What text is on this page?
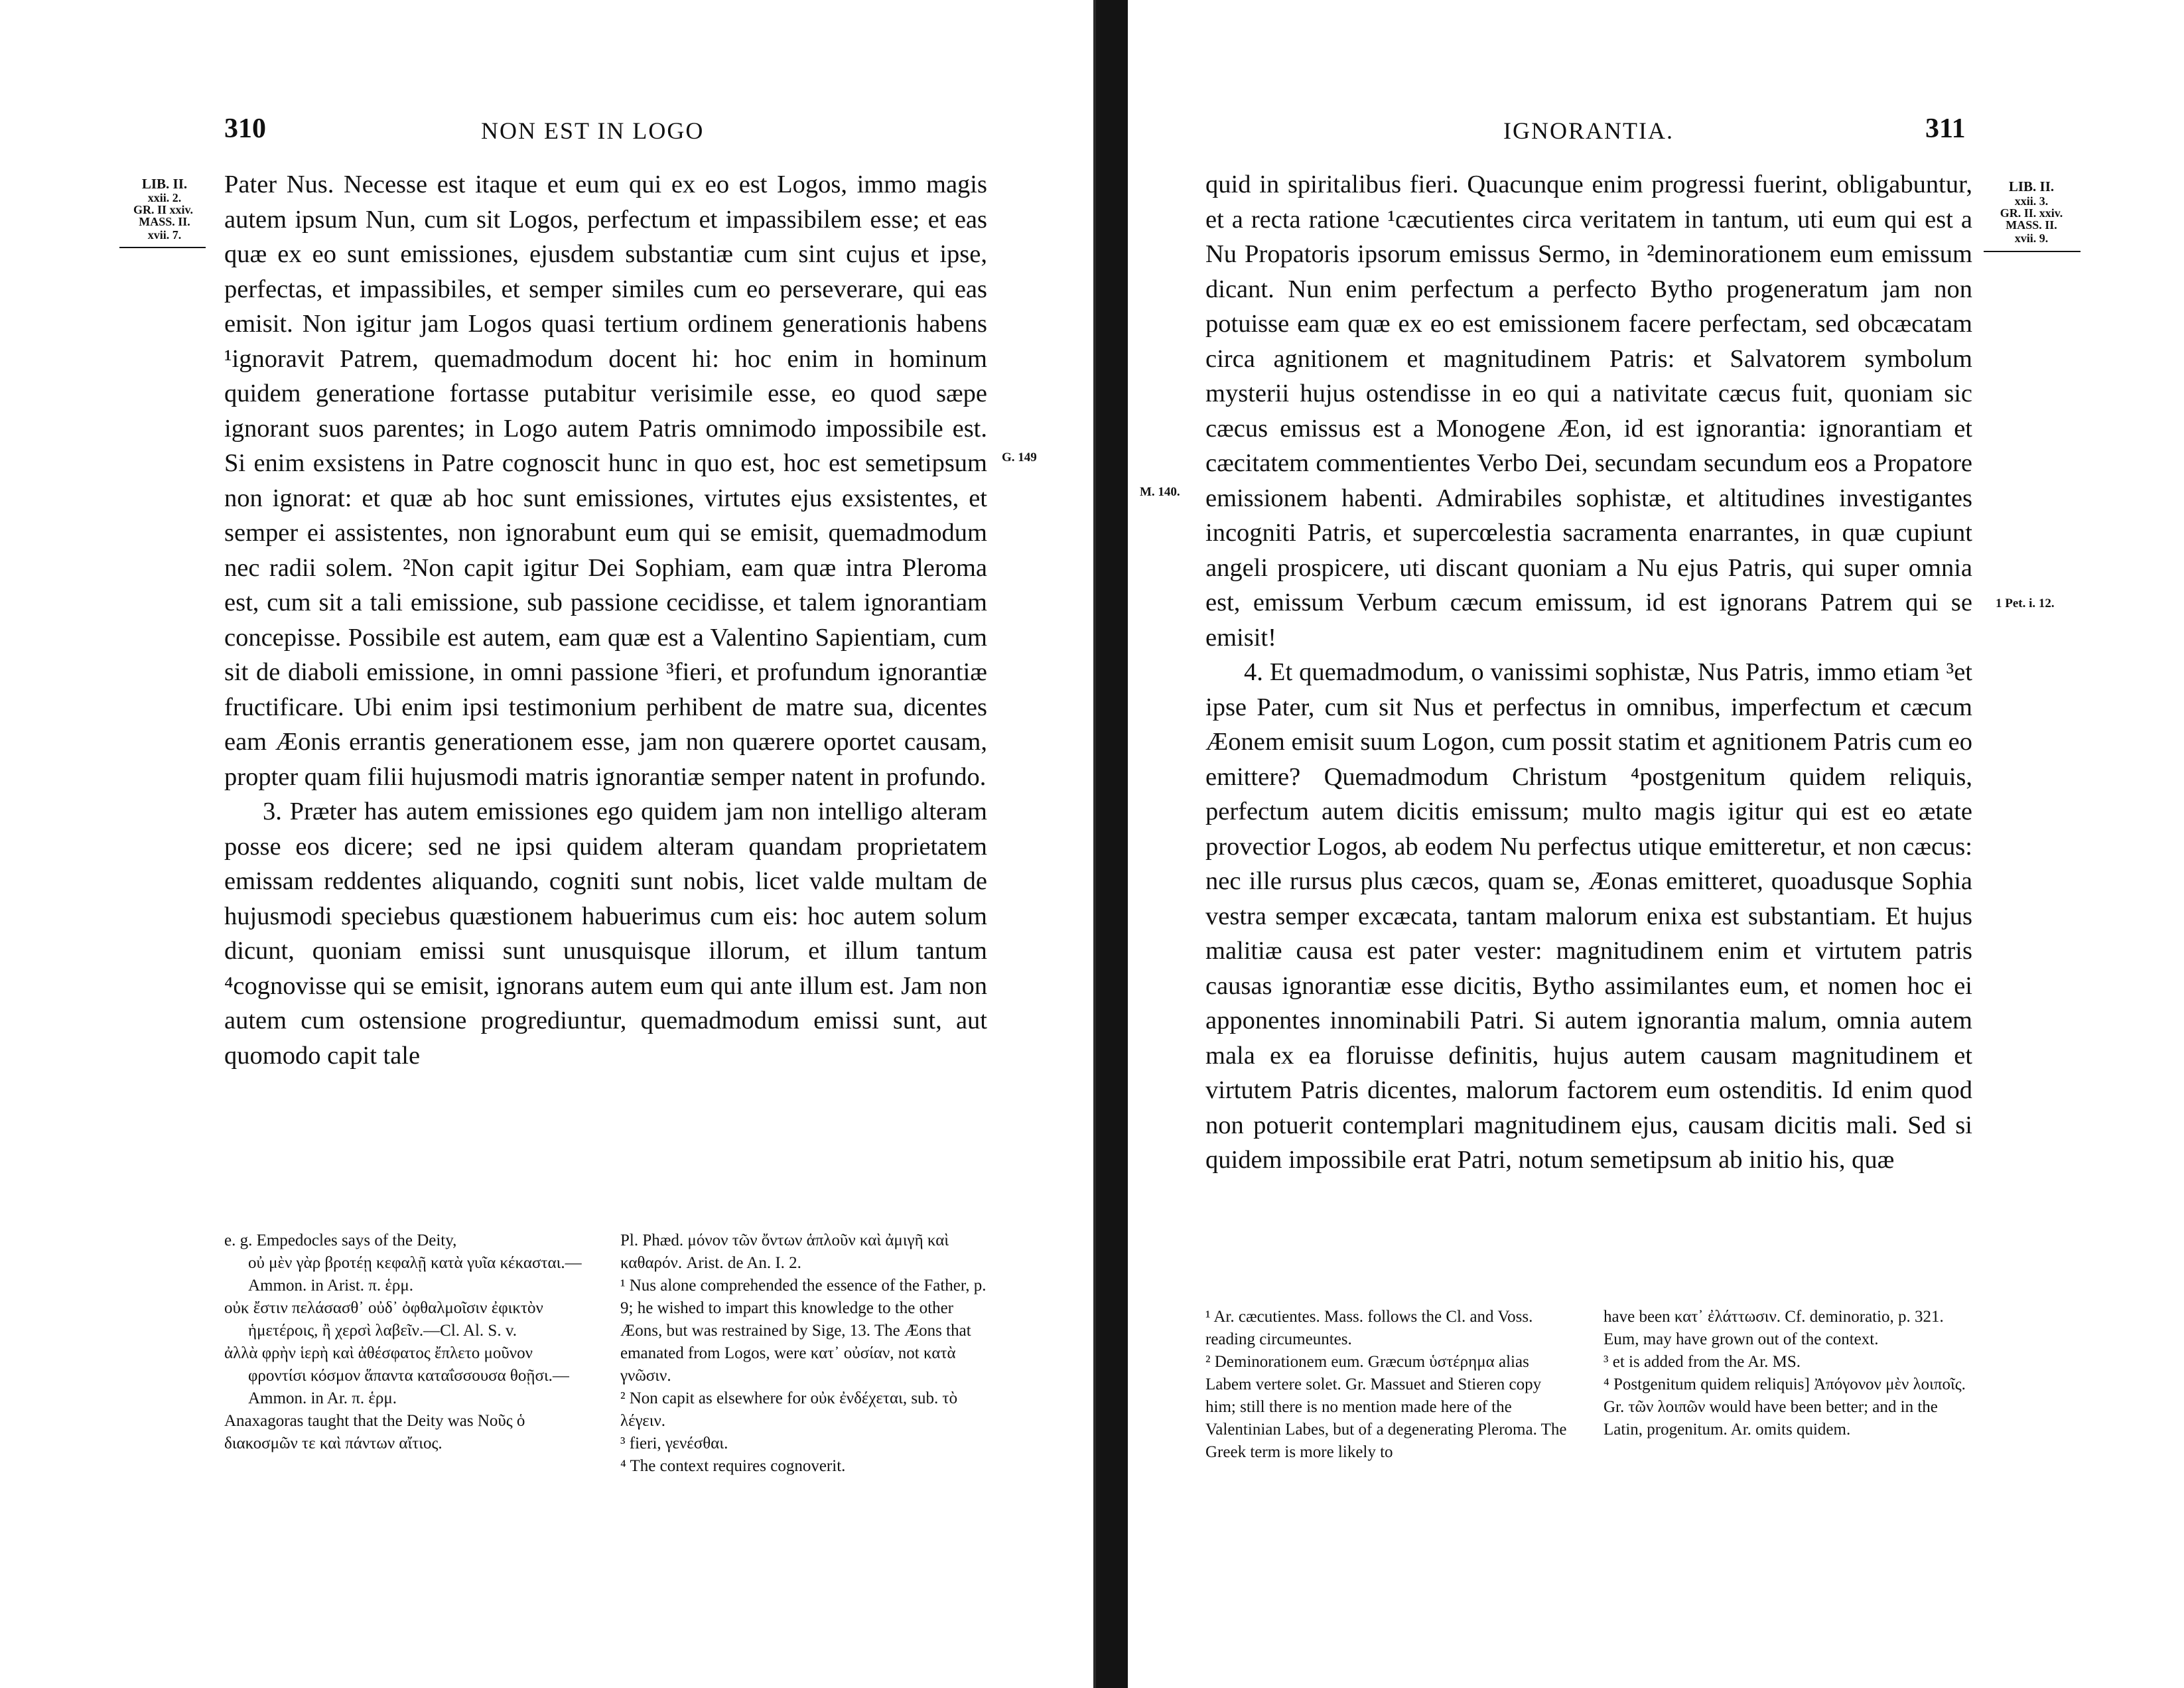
310	NON EST IN LOGO
LIB. II.
xxii. 2.
GR. II xxiv.
MASS. II.
xvii. 7.
G. 149

Pater Nus. Necesse est itaque et eum qui ex eo est Logos, immo magis autem ipsum Nun, cum sit Logos, perfectum et impassibilem esse; et eas quæ ex eo sunt emissiones, ejusdem substantiæ cum sint cujus et ipse, perfectas, et impassibiles, et semper similes cum eo perseverare, qui eas emisit. Non igitur jam Logos quasi tertium ordinem generationis habens ¹ignoravit Patrem, quemadmodum docent hi: hoc enim in hominum quidem generatione fortasse putabitur verisimile esse, eo quod sæpe ignorant suos parentes; in Logo autem Patris omnimodo impossibile est. Si enim exsistens in Patre cognoscit hunc in quo est, hoc est semetipsum non ignorat: et quæ ab hoc sunt emissiones, virtutes ejus exsistentes, et semper ei assistentes, non ignorabunt eum qui se emisit, quemadmodum nec radii solem. ²Non capit igitur Dei Sophiam, eam quæ intra Pleroma est, cum sit a tali emissione, sub passione cecidisse, et talem ignorantiam concepisse. Possibile est autem, eam quæ est a Valentino Sapientiam, cum sit de diaboli emissione, in omni passione ³fieri, et profundum ignorantiæ fructificare. Ubi enim ipsi testimonium perhibent de matre sua, dicentes eam Æonis errantis generationem esse, jam non quærere oportet causam, propter quam filii hujusmodi matris ignorantiæ semper natent in profundo.

3. Præter has autem emissiones ego quidem jam non intelligo alteram posse eos dicere; sed ne ipsi quidem alteram quandam proprietatem emissam reddentes aliquando, cogniti sunt nobis, licet valde multam de hujusmodi speciebus quæstionem habuerimus cum eis: hoc autem solum dicunt, quoniam emissi sunt unusquisque illorum, et illum tantum ⁴cognovisse qui se emisit, ignorans autem eum qui ante illum est. Jam non autem cum ostensione progrediuntur, quemadmodum emissi sunt, aut quomodo capit tale

e. g. Empedocles says of the Deity,

οὐ μὲν γὰρ βροτέῃ κεφαλῇ κατὰ γυῖα κέκασται.—Ammon. in Arist. π. ἑρμ.

οὐκ ἔστιν πελάσασθ᾽ οὐδ᾽ ὀφθαλμοῖσιν ἐφικτὸν

ἡμετέροις, ἢ χερσὶ λαβεῖν.—Cl. Al. S. v.

ἀλλὰ φρὴν ἱερὴ καὶ ἀθέσφατος ἔπλετο μοῦνον

φροντίσι κόσμον ἅπαντα καταΐσσουσα θοῇσι.—Ammon. in Ar. π. ἑρμ.

Anaxagoras taught that the Deity was Νοῦς ὁ διακοσμῶν τε καὶ πάντων αἴτιος.

Pl. Phæd. μόνον τῶν ὄντων ἁπλοῦν καὶ ἀμιγῆ καὶ καθαρόν. Arist. de An. I. 2.

¹ Nus alone comprehended the essence of the Father, p. 9; he wished to impart this knowledge to the other Æons, but was restrained by Sige, 13. The Æons that emanated from Logos, were κατ᾽ οὐσίαν, not κατὰ γνῶσιν.

² Non capit as elsewhere for οὐκ ἐνδέχεται, sub. τὸ λέγειν.

³ fieri, γενέσθαι.

⁴ The context requires cognoverit.

IGNORANTIA.	311
LIB. II.
xxii. 3.
GR. II. xxiv.
MASS. II.
xvii. 9.
M. 140.
1 Pet. i. 12.

quid in spiritalibus fieri. Quacunque enim progressi fuerint, obligabuntur, et a recta ratione ¹cæcutientes circa veritatem in tantum, uti eum qui est a Nu Propatoris ipsorum emissus Sermo, in ²deminorationem eum emissum dicant. Nun enim perfectum a perfecto Bytho progeneratum jam non potuisse eam quæ ex eo est emissionem facere perfectam, sed obcæcatam circa agnitionem et magnitudinem Patris: et Salvatorem symbolum mysterii hujus ostendisse in eo qui a nativitate cæcus fuit, quoniam sic cæcus emissus est a Monogene Æon, id est ignorantia: ignorantiam et cæcitatem commentientes Verbo Dei, secundam secundum eos a Propatore emissionem habenti. Admirabiles sophistæ, et altitudines investigantes incogniti Patris, et supercœlestia sacramenta enarrantes, in quæ cupiunt angeli prospicere, uti discant quoniam a Nu ejus Patris, qui super omnia est, emissum Verbum cæcum emissum, id est ignorans Patrem qui se emisit!

4. Et quemadmodum, o vanissimi sophistæ, Nus Patris, immo etiam ³et ipse Pater, cum sit Nus et perfectus in omnibus, imperfectum et cæcum Æonem emisit suum Logon, cum possit statim et agnitionem Patris cum eo emittere? Quemadmodum Christum ⁴postgenitum quidem reliquis, perfectum autem dicitis emissum; multo magis igitur qui est eo ætate provectior Logos, ab eodem Nu perfectus utique emitteretur, et non cæcus: nec ille rursus plus cæcos, quam se, Æonas emitteret, quoadusque Sophia vestra semper excæcata, tantam malorum enixa est substantiam. Et hujus malitiæ causa est pater vester: magnitudinem enim et virtutem patris causas ignorantiæ esse dicitis, Bytho assimilantes eum, et nomen hoc ei apponentes innominabili Patri. Si autem ignorantia malum, omnia autem mala ex ea floruisse definitis, hujus autem causam magnitudinem et virtutem Patris dicentes, malorum factorem eum ostenditis. Id enim quod non potuerit contemplari magnitudinem ejus, causam dicitis mali. Sed si quidem impossibile erat Patri, notum semetipsum ab initio his, quæ

¹ Ar. cæcutientes. Mass. follows the Cl. and Voss. reading circumeuntes.

² Deminorationem eum. Græcum ὑστέρημα alias Labem vertere solet. Gr. Massuet and Stieren copy him; still there is no mention made here of the Valentinian Labes, but of a degenerating Pleroma. The Greek term is more likely to

have been κατ᾽ ἐλάττωσιν. Cf. deminoratio, p. 321. Eum, may have grown out of the context.

³ et is added from the Ar. MS.

⁴ Postgenitum quidem reliquis] Ἀπόγονον μὲν λοιποῖς. Gr. τῶν λοιπῶν would have been better; and in the Latin, progenitum. Ar. omits quidem.
